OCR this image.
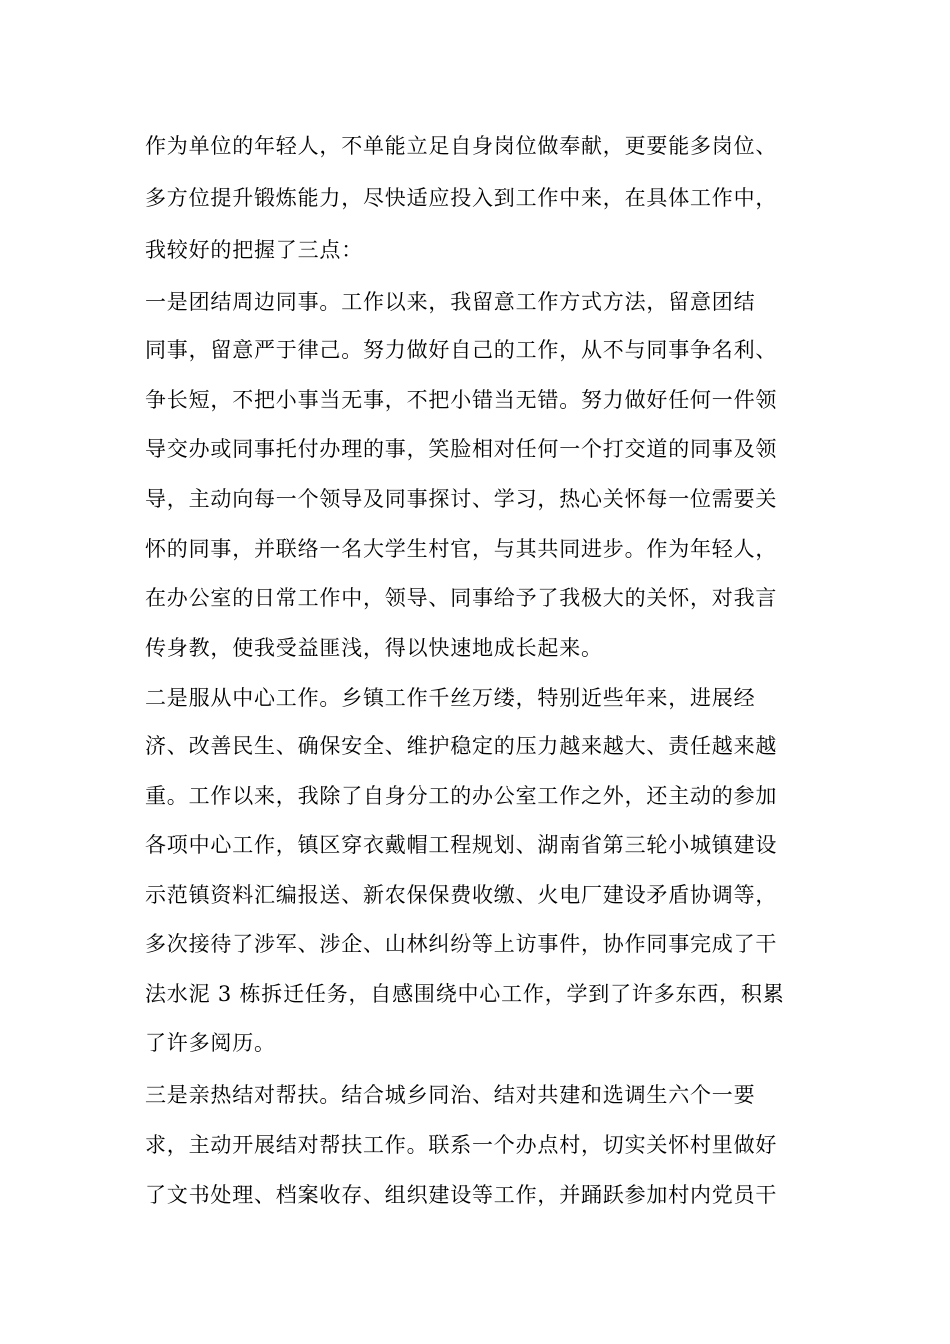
作为单位的年轻人，不单能立足自身岗位做奉献，更要能多岗位、
多方位提升锻炼能力，尽快适应投入到工作中来，在具体工作中，
我较好的把握了三点：
一是团结周边同事。工作以来，我留意工作方式方法，留意团结
同事，留意严于律己。努力做好自己的工作，从不与同事争名利、
争长短，不把小事当无事，不把小错当无错。努力做好任何一件领
导交办或同事托付办理的事，笑脸相对任何一个打交道的同事及领
导，主动向每一个领导及同事探讨、学习，热心关怀每一位需要关
怀的同事，并联络一名大学生村官，与其共同进步。作为年轻人，
在办公室的日常工作中，领导、同事给予了我极大的关怀，对我言
传身教，使我受益匪浅，得以快速地成长起来。
二是服从中心工作。乡镇工作千丝万缕，特别近些年来，进展经
济、改善民生、确保安全、维护稳定的压力越来越大、责任越来越
重。工作以来，我除了自身分工的办公室工作之外，还主动的参加
各项中心工作，镇区穿衣戴帽工程规划、湖南省第三轮小城镇建设
示范镇资料汇编报送、新农保保费收缴、火电厂建设矛盾协调等，
多次接待了涉军、涉企、山林纠纷等上访事件，协作同事完成了干
法水泥 3 栋拆迁任务，自感围绕中心工作，学到了许多东西，积累
了许多阅历。
三是亲热结对帮扶。结合城乡同治、结对共建和选调生六个一要
求，主动开展结对帮扶工作。联系一个办点村，切实关怀村里做好
了文书处理、档案收存、组织建设等工作，并踊跃参加村内党员干
